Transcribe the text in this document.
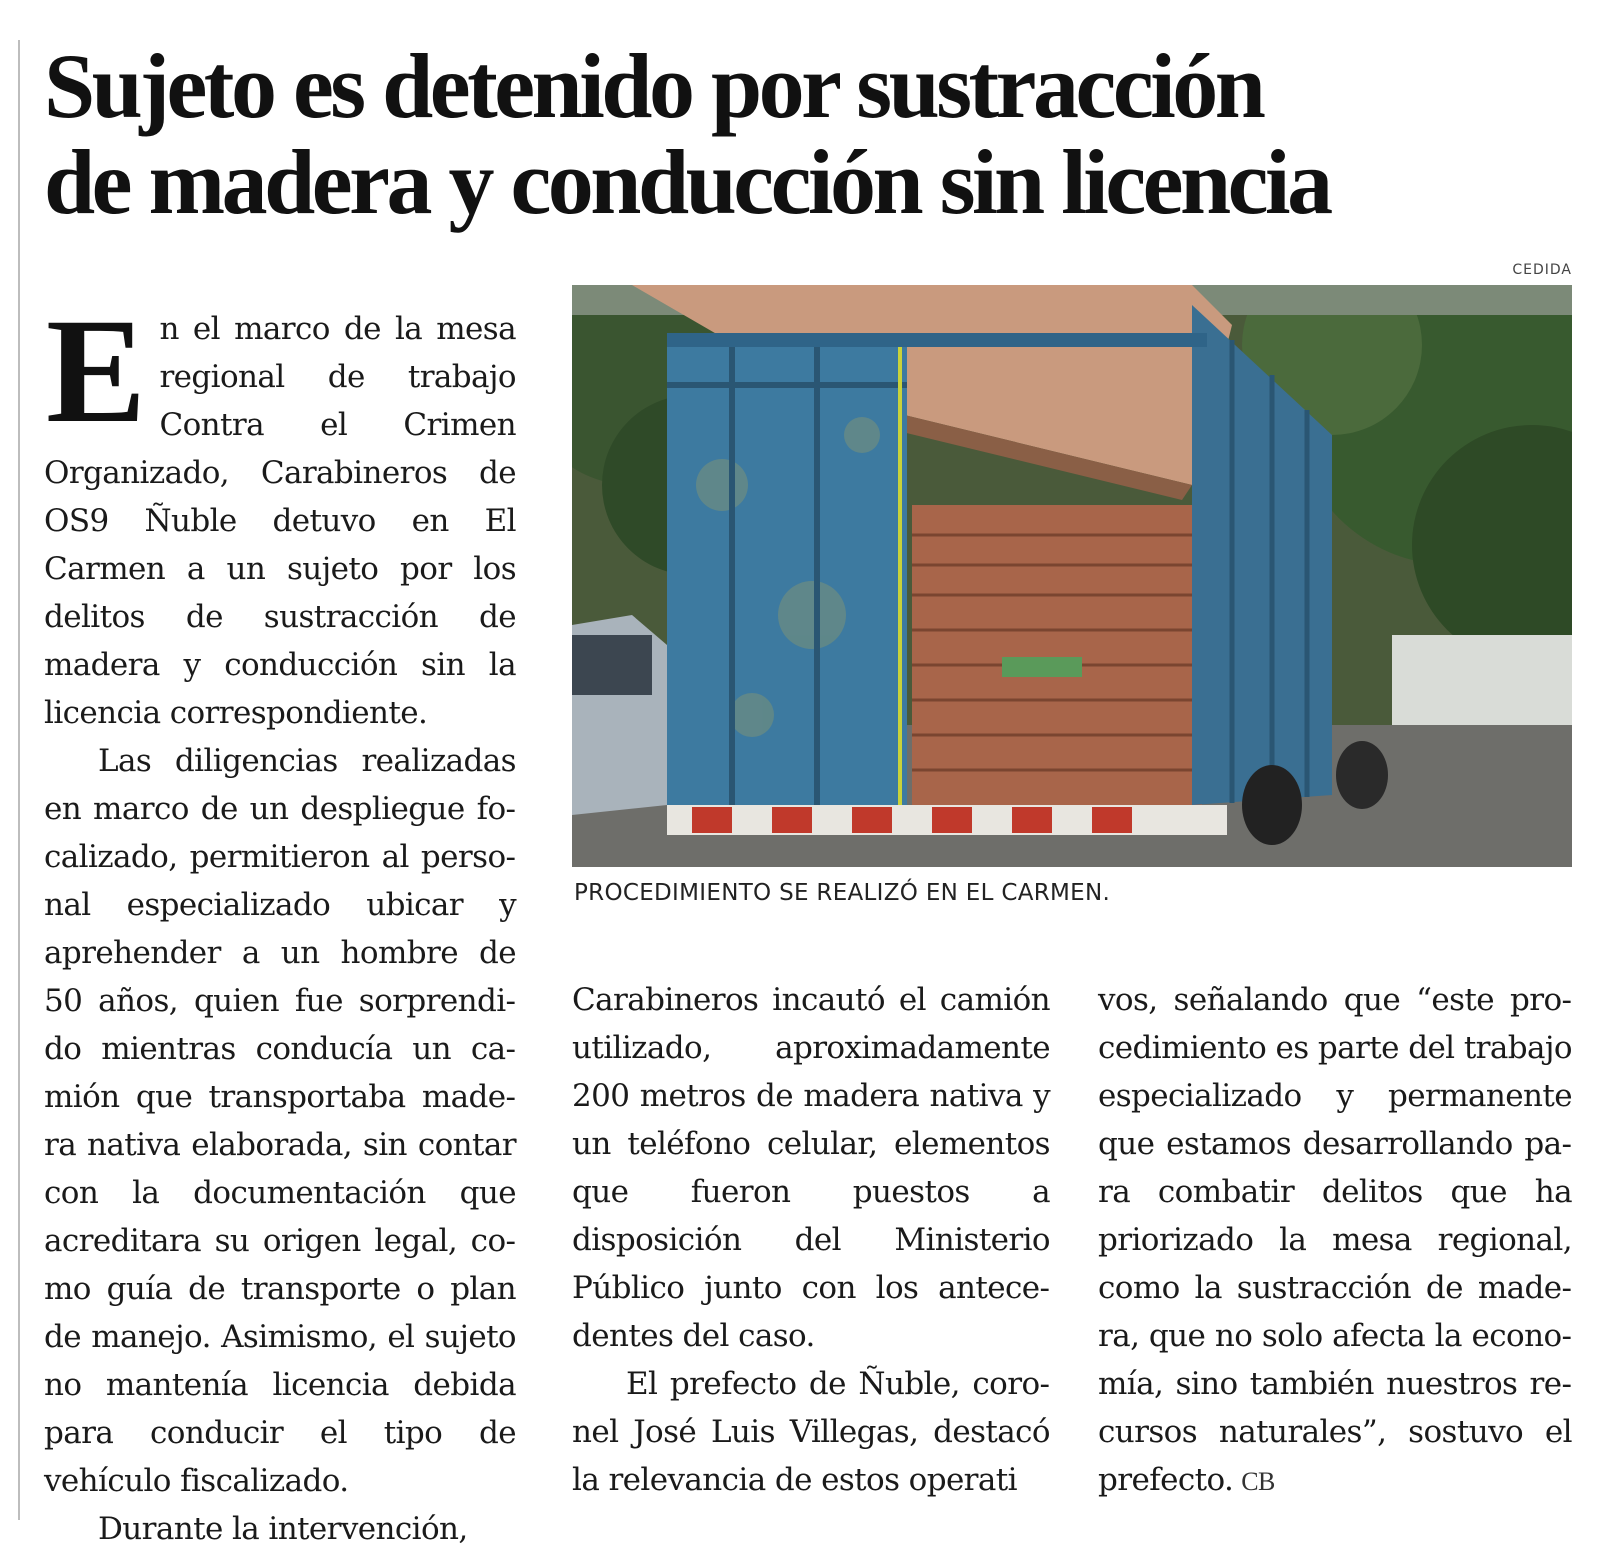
Sujeto es detenido por sustracción
de madera y conducción sin licencia
CEDIDA
PROCEDIMIENTO SE REALIZÓ EN EL CARMEN.

En el marco de la mesa regional de trabajo Contra el Crimen Organizado, Carabineros de OS9 Ñuble detuvo en El Carmen a un sujeto por los delitos de sustracción de madera y conducción sin la licencia correspondiente.

Las diligencias realizadas en marco de un despliegue focalizado, permitieron al personal especializado ubicar y aprehender a un hombre de 50 años, quien fue sorprendido mientras conducía un camión que transportaba madera nativa elaborada, sin contar con la documentación que acreditara su origen legal, como guía de transporte o plan de manejo. Asimismo, el sujeto no mantenía licencia debida para conducir el tipo de vehículo fiscalizado.

Durante la intervención,

Carabineros incautó el camión utilizado, aproximadamente 200 metros de madera nativa y un teléfono celular, elementos que fueron puestos a disposición del Ministerio Público junto con los antecedentes del caso.

El prefecto de Ñuble, coronel José Luis Villegas, destacó la relevancia de estos operati

vos, señalando que “este procedimiento es parte del trabajo especializado y permanente que estamos desarrollando para combatir delitos que ha priorizado la mesa regional, como la sustracción de madera, que no solo afecta la economía, sino también nuestros recursos naturales”, sostuvo el prefecto. CB
